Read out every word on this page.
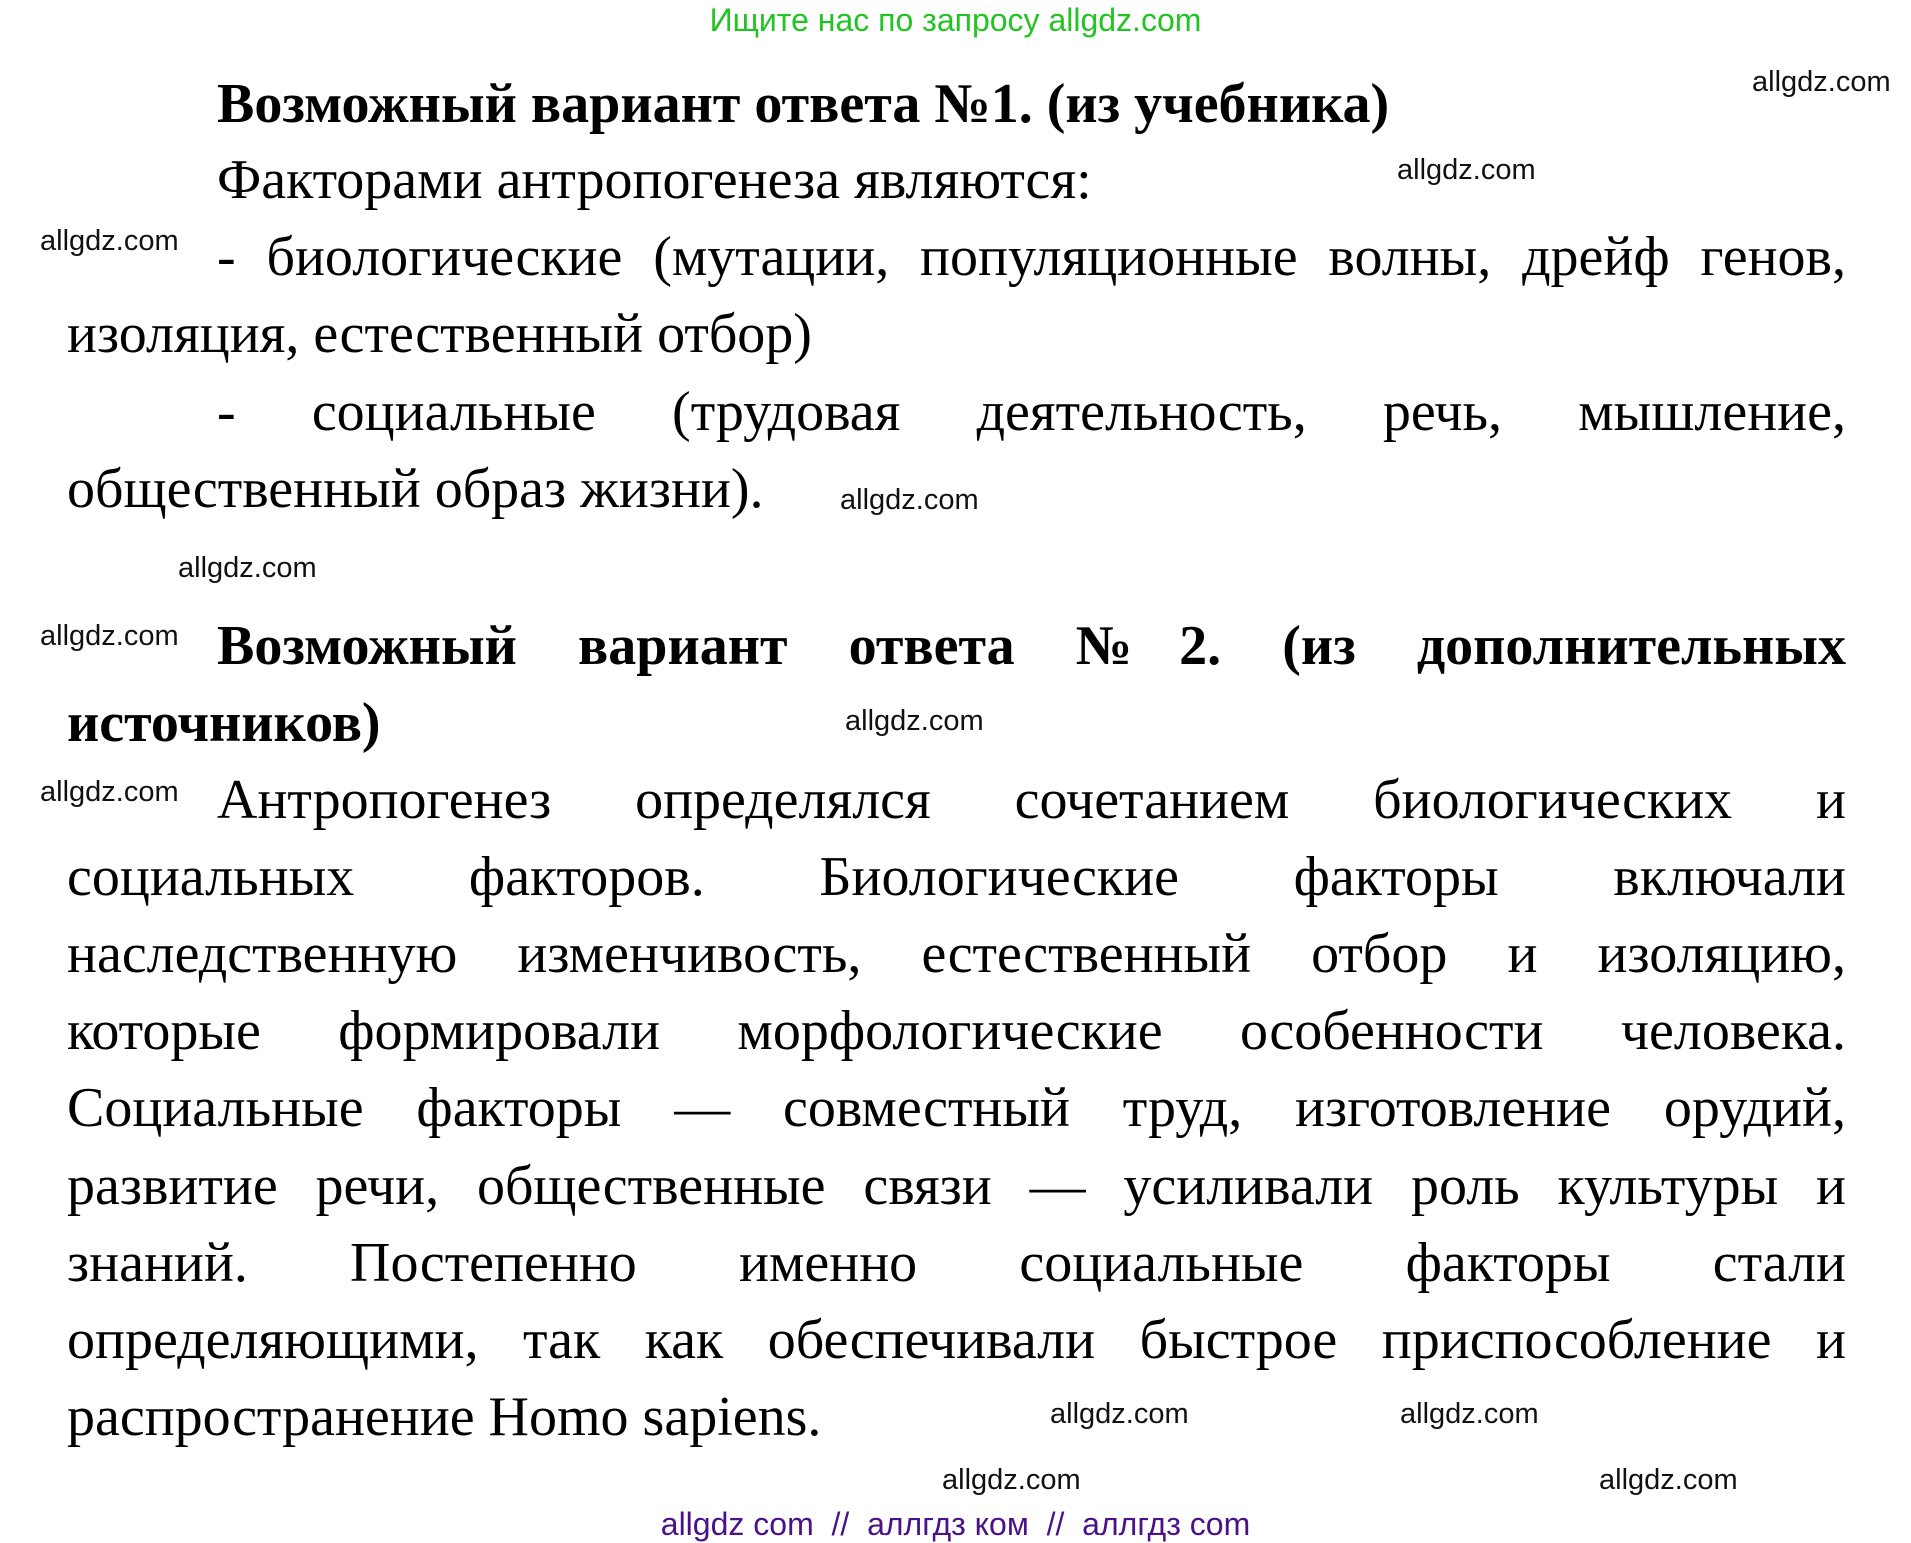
Ищите нас по запросу allgdz.com
Возможный вариант ответа №1. (из учебника)
Факторами антропогенеза являются:
- биологические (мутации, популяционные волны, дрейф генов,
изоляция, естественный отбор)
- социальные (трудовая деятельность, речь, мышление,
общественный образ жизни).
Возможный вариант ответа №2. (из дополнительных
источников)
Антропогенез определялся сочетанием биологических и
социальных факторов. Биологические факторы включали
наследственную изменчивость, естественный отбор и изоляцию,
которые формировали морфологические особенности человека.
Социальные факторы — совместный труд, изготовление орудий,
развитие речи, общественные связи — усиливали роль культуры и
знаний. Постепенно именно социальные факторы стали
определяющими, так как обеспечивали быстрое приспособление и
распространение Homo sapiens.
allgdz.com
allgdz.com
allgdz.com
allgdz.com
allgdz.com
allgdz.com
allgdz.com
allgdz.com
allgdz.com	allgdz.com
allgdz.com
allgdz.com
allgdz com  //  аллгдз ком  //  аллгдз com
